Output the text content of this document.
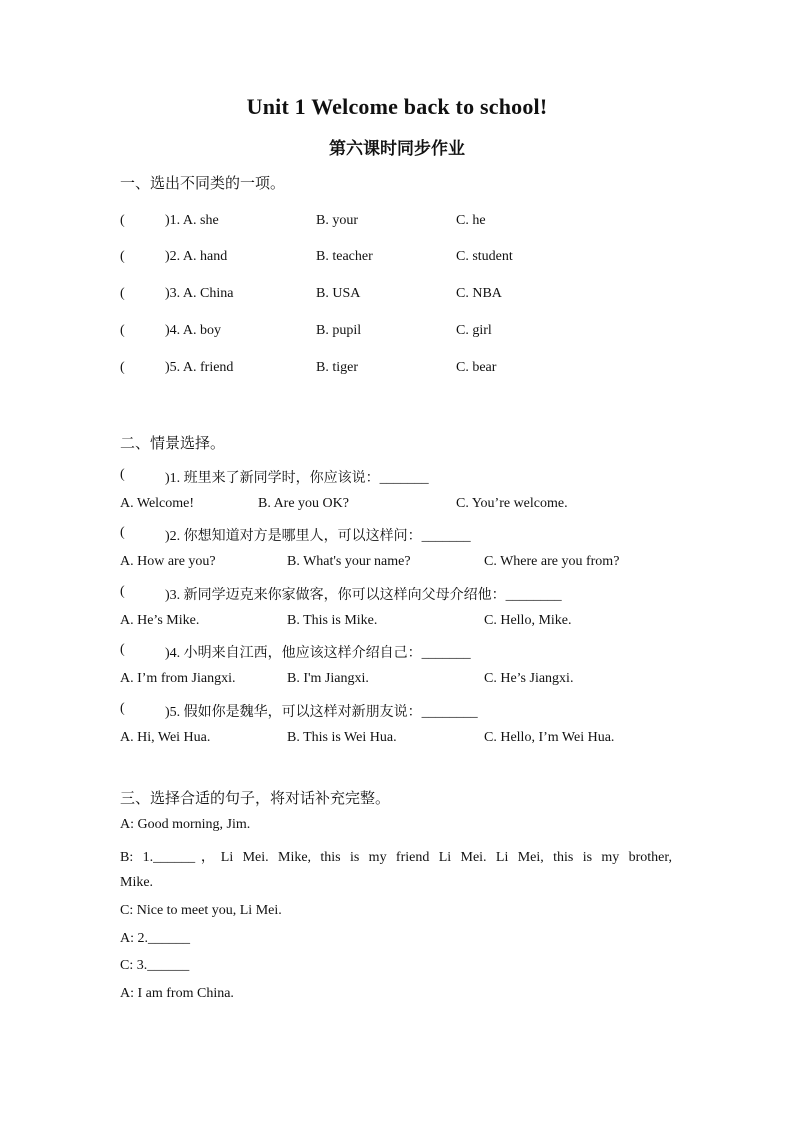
Unit 1 Welcome back to school!
第六课时同步作业
一、选出不同类的一项。
(	)1. A. she	B. your	C. he
(	)2. A. hand	B. teacher	C. student
(	)3. A. China	B. USA	C. NBA
(	)4. A. boy	B. pupil	C. girl
(	)5. A. friend	B. tiger	C. bear
二、情景选择。
(	)1. 班里来了新同学时，你应该说：_______
A. Welcome!	B. Are you OK?	C. You’re welcome.
(	)2. 你想知道对方是哪里人，可以这样问：_______
A. How are you?	B. What's your name?	C. Where are you from?
(	)3. 新同学迈克来你家做客，你可以这样向父母介绍他：________
A. He’s Mike.	B. This is Mike.	C. Hello, Mike.
(	)4. 小明来自江西，他应该这样介绍自己：_______
A. I’m from Jiangxi.	B. I'm Jiangxi.	C. He’s Jiangxi.
(	)5. 假如你是魏华，可以这样对新朋友说：________
A. Hi, Wei Hua.	B. This is Wei Hua.	C. Hello, I’m Wei Hua.
三、选择合适的句子，将对话补充完整。
A: Good morning, Jim.
B: 1.______，Li Mei. Mike, this is my friend Li Mei. Li Mei, this is my brother,
Mike.
C: Nice to meet you, Li Mei.
A: 2.______
C: 3.______
A: I am from China.
